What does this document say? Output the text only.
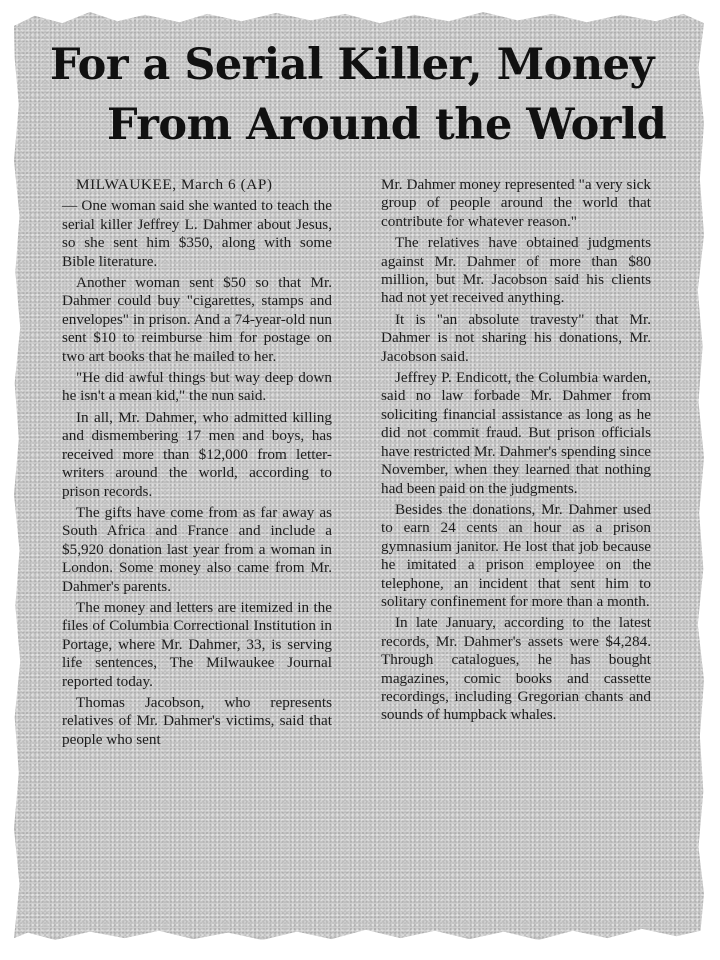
For a Serial Killer, Money
From Around the World

MILWAUKEE, March 6 (AP)

— One woman said she wanted to teach the serial killer Jeffrey L. Dahmer about Jesus, so she sent him $350, along with some Bible literature.

Another woman sent $50 so that Mr. Dahmer could buy "cigarettes, stamps and envelopes" in prison. And a 74-year-old nun sent $10 to reimburse him for postage on two art books that he mailed to her.

"He did awful things but way deep down he isn't a mean kid," the nun said.

In all, Mr. Dahmer, who admitted killing and dismembering 17 men and boys, has received more than $12,000 from letter-writers around the world, according to prison records.

The gifts have come from as far away as South Africa and France and include a $5,920 donation last year from a woman in London. Some money also came from Mr. Dahmer's parents.

The money and letters are itemized in the files of Columbia Correctional Institution in Portage, where Mr. Dahmer, 33, is serving life sentences, The Milwaukee Journal reported today.

Thomas Jacobson, who represents relatives of Mr. Dahmer's victims, said that people who sent

Mr. Dahmer money represented "a very sick group of people around the world that contribute for whatever reason."

The relatives have obtained judgments against Mr. Dahmer of more than $80 million, but Mr. Jacobson said his clients had not yet received anything.

It is "an absolute travesty" that Mr. Dahmer is not sharing his donations, Mr. Jacobson said.

Jeffrey P. Endicott, the Columbia warden, said no law forbade Mr. Dahmer from soliciting financial assistance as long as he did not commit fraud. But prison officials have restricted Mr. Dahmer's spending since November, when they learned that nothing had been paid on the judgments.

Besides the donations, Mr. Dahmer used to earn 24 cents an hour as a prison gymnasium janitor. He lost that job because he imitated a prison employee on the telephone, an incident that sent him to solitary confinement for more than a month.

In late January, according to the latest records, Mr. Dahmer's assets were $4,284. Through catalogues, he has bought magazines, comic books and cassette recordings, including Gregorian chants and sounds of humpback whales.
